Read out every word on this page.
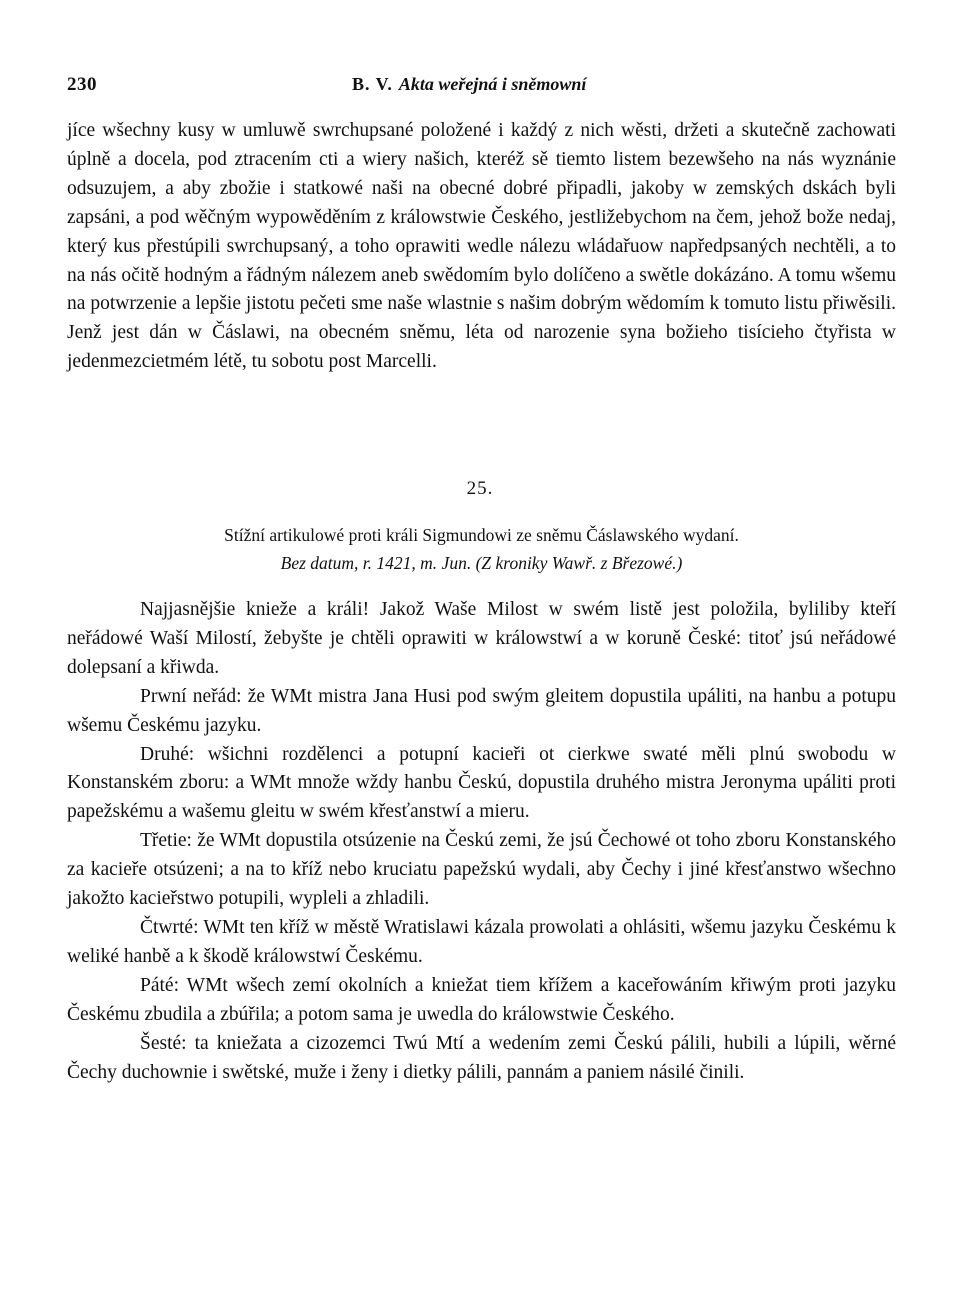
230	B. V. Akta weřejná i sněmowní

jíce wšechny kusy w umluwě swrchupsané položené i každý z nich wěsti, držeti a skutečně zachowati úplně a docela, pod ztracením cti a wiery našich, kteréž sě tiemto listem bezewšeho na nás wyznánie odsuzujem, a aby zbožie i statkowé naši na obecné dobré připadli, jakoby w zemských dskách byli zapsáni, a pod wěčným wypowěděním z králowstwie Českého, jestližebychom na čem, jehož bože nedaj, který kus přestúpili swrchupsaný, a toho oprawiti wedle nálezu wládařuow napředpsaných nechtěli, a to na nás očitě hodným a řádným nálezem aneb swědomím bylo dolíčeno a swětle dokázáno. A tomu wšemu na potwrzenie a lepšie jistotu pečeti sme naše wlastnie s našim dobrým wědomím k tomuto listu přiwěsili. Jenž jest dán w Čáslawi, na obecném sněmu, léta od narozenie syna božieho tisícieho čtyřista w jedenmezcietmém létě, tu sobotu post Marcelli.

25.
Stížní artikulowé proti králi Sigmundowi ze sněmu Čáslawského wydaní.
Bez datum, r. 1421, m. Jun. (Z kroniky Wawř. z Březowé.)

Najjasnějšie knieže a králi! Jakož Waše Milost w swém listě jest položila, byliliby kteří neřádowé Waší Milostí, žebyšte je chtěli oprawiti w králowstwí a w koruně České: titoť jsú neřádowé dolepsaní a křiwda.

Prwní neřád: že WMt mistra Jana Husi pod swým gleitem dopustila upáliti, na hanbu a potupu wšemu Českému jazyku.

Druhé: wšichni rozdělenci a potupní kacieři ot cierkwe swaté měli plnú swobodu w Konstanském zboru: a WMt množe wždy hanbu Českú, dopustila druhého mistra Jeronyma upáliti proti papežskému a wašemu gleitu w swém křesťanstwí a mieru.

Třetie: že WMt dopustila otsúzenie na Českú zemi, že jsú Čechowé ot toho zboru Konstanského za kacieře otsúzeni; a na to kříž nebo kruciatu papežskú wydali, aby Čechy i jiné křesťanstwo wšechno jakožto kacieřstwo potupili, wypleli a zhladili.

Čtwrté: WMt ten kříž w městě Wratislawi kázala prowolati a ohlásiti, wšemu jazyku Českému k weliké hanbě a k škodě králowstwí Českému.

Páté: WMt wšech zemí okolních a kniežat tiem křížem a kaceřowáním křiwým proti jazyku Českému zbudila a zbúřila; a potom sama je uwedla do králowstwie Českého.

Šesté: ta kniežata a cizozemci Twú Mtí a wedením zemi Českú pálili, hubili a lúpili, wěrné Čechy duchownie i swětské, muže i ženy i dietky pálili, pannám a paniem násilé činili.
